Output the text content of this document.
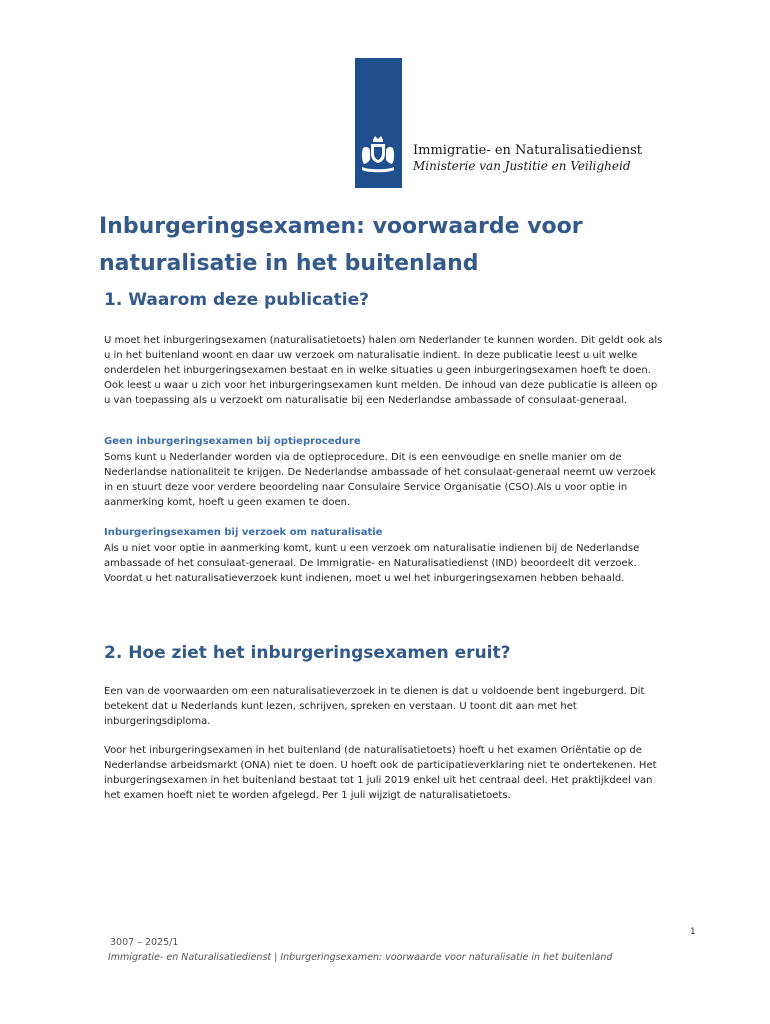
Immigratie- en Naturalisatiedienst
Ministerie van Justitie en Veiligheid
Inburgeringsexamen: voorwaarde voor naturalisatie in het buitenland
1. Waarom deze publicatie?

U moet het inburgeringsexamen (naturalisatietoets) halen om Nederlander te kunnen worden. Dit geldt ook als u in het buitenland woont en daar uw verzoek om naturalisatie indient. In deze publicatie leest u uit welke onderdelen het inburgeringsexamen bestaat en in welke situaties u geen inburgeringsexamen hoeft te doen. Ook leest u waar u zich voor het inburgeringsexamen kunt melden. De inhoud van deze publicatie is alleen op u van toepassing als u verzoekt om naturalisatie bij een Nederlandse ambassade of consulaat-generaal.

Geen inburgeringsexamen bij optieprocedure

Soms kunt u Nederlander worden via de optieprocedure. Dit is een eenvoudige en snelle manier om de Nederlandse nationaliteit te krijgen. De Nederlandse ambassade of het consulaat-generaal neemt uw verzoek in en stuurt deze voor verdere beoordeling naar Consulaire Service Organisatie (CSO).Als u voor optie in aanmerking komt, hoeft u geen examen te doen.

Inburgeringsexamen bij verzoek om naturalisatie

Als u niet voor optie in aanmerking komt, kunt u een verzoek om naturalisatie indienen bij de Nederlandse ambassade of het consulaat-generaal. De Immigratie- en Naturalisatiedienst (IND) beoordeelt dit verzoek. Voordat u het naturalisatieverzoek kunt indienen, moet u wel het inburgeringsexamen hebben behaald.

2. Hoe ziet het inburgeringsexamen eruit?

Een van de voorwaarden om een naturalisatieverzoek in te dienen is dat u voldoende bent ingeburgerd. Dit betekent dat u Nederlands kunt lezen, schrijven, spreken en verstaan. U toont dit aan met het inburgeringsdiploma.

Voor het inburgeringsexamen in het buitenland (de naturalisatietoets) hoeft u het examen Oriëntatie op de Nederlandse arbeidsmarkt (ONA) niet te doen. U hoeft ook de participatieverklaring niet te ondertekenen. Het inburgeringsexamen in het buitenland bestaat tot 1 juli 2019 enkel uit het centraal deel. Het praktijkdeel van het examen hoeft niet te worden afgelegd. Per 1 juli wijzigt de naturalisatietoets.

1
3007 – 2025/1
Immigratie- en Naturalisatiedienst | Inburgeringsexamen: voorwaarde voor naturalisatie in het buitenland
